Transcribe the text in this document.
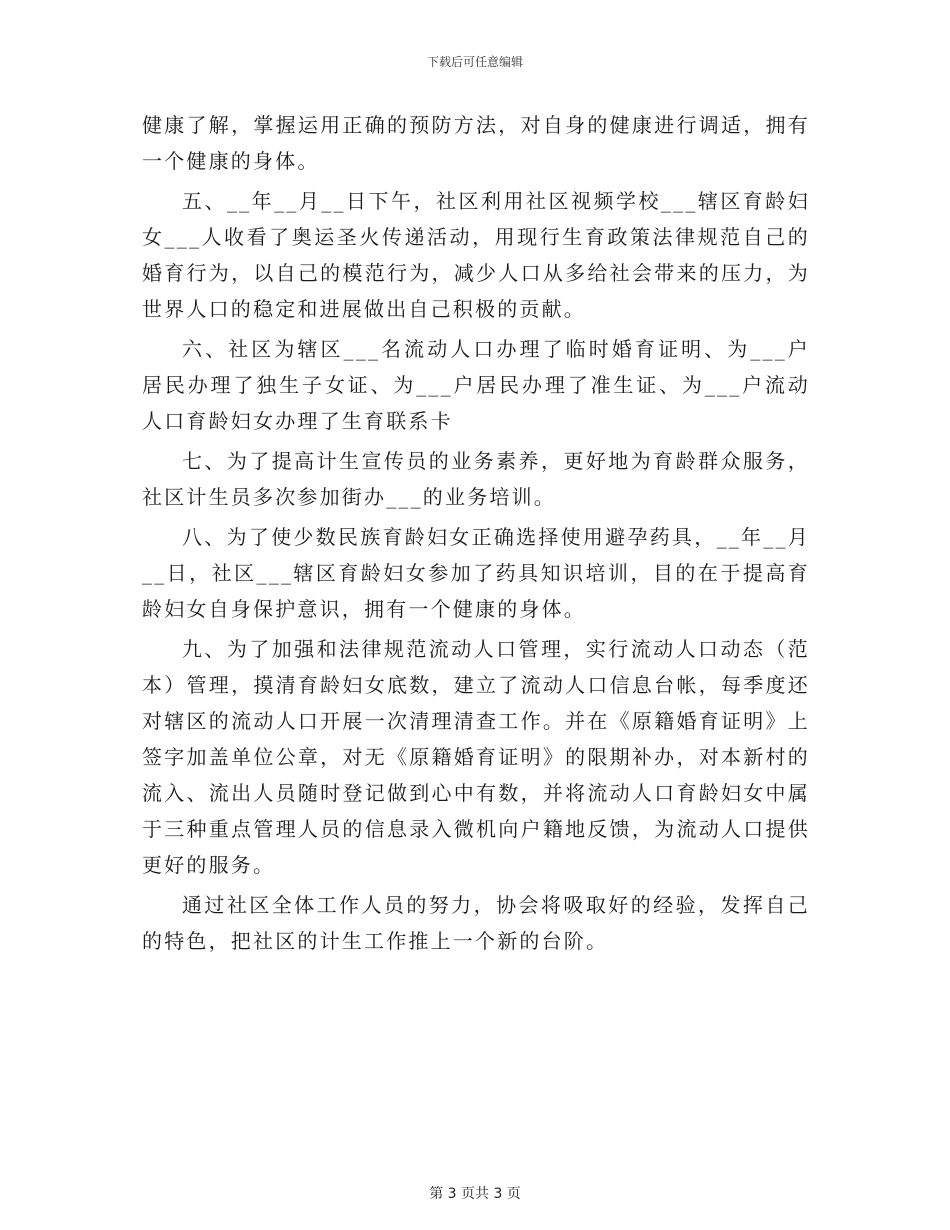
下载后可任意编辑

健康了解，掌握运用正确的预防方法，对自身的健康进行调适，拥有一个健康的身体。

五、__年__月__日下午，社区利用社区视频学校___辖区育龄妇女___人收看了奥运圣火传递活动，用现行生育政策法律规范自己的婚育行为，以自己的模范行为，减少人口从多给社会带来的压力，为世界人口的稳定和进展做出自己积极的贡献。

六、社区为辖区___名流动人口办理了临时婚育证明、为___户居民办理了独生子女证、为___户居民办理了准生证、为___户流动人口育龄妇女办理了生育联系卡

七、为了提高计生宣传员的业务素养，更好地为育龄群众服务，社区计生员多次参加街办___的业务培训。

八、为了使少数民族育龄妇女正确选择使用避孕药具，__年__月__日，社区___辖区育龄妇女参加了药具知识培训，目的在于提高育龄妇女自身保护意识，拥有一个健康的身体。

九、为了加强和法律规范流动人口管理，实行流动人口动态（范本）管理，摸清育龄妇女底数，建立了流动人口信息台帐，每季度还对辖区的流动人口开展一次清理清查工作。并在《原籍婚育证明》上签字加盖单位公章，对无《原籍婚育证明》的限期补办，对本新村的流入、流出人员随时登记做到心中有数，并将流动人口育龄妇女中属于三种重点管理人员的信息录入微机向户籍地反馈，为流动人口提供更好的服务。

通过社区全体工作人员的努力，协会将吸取好的经验，发挥自己的特色，把社区的计生工作推上一个新的台阶。

第 3 页共 3 页
